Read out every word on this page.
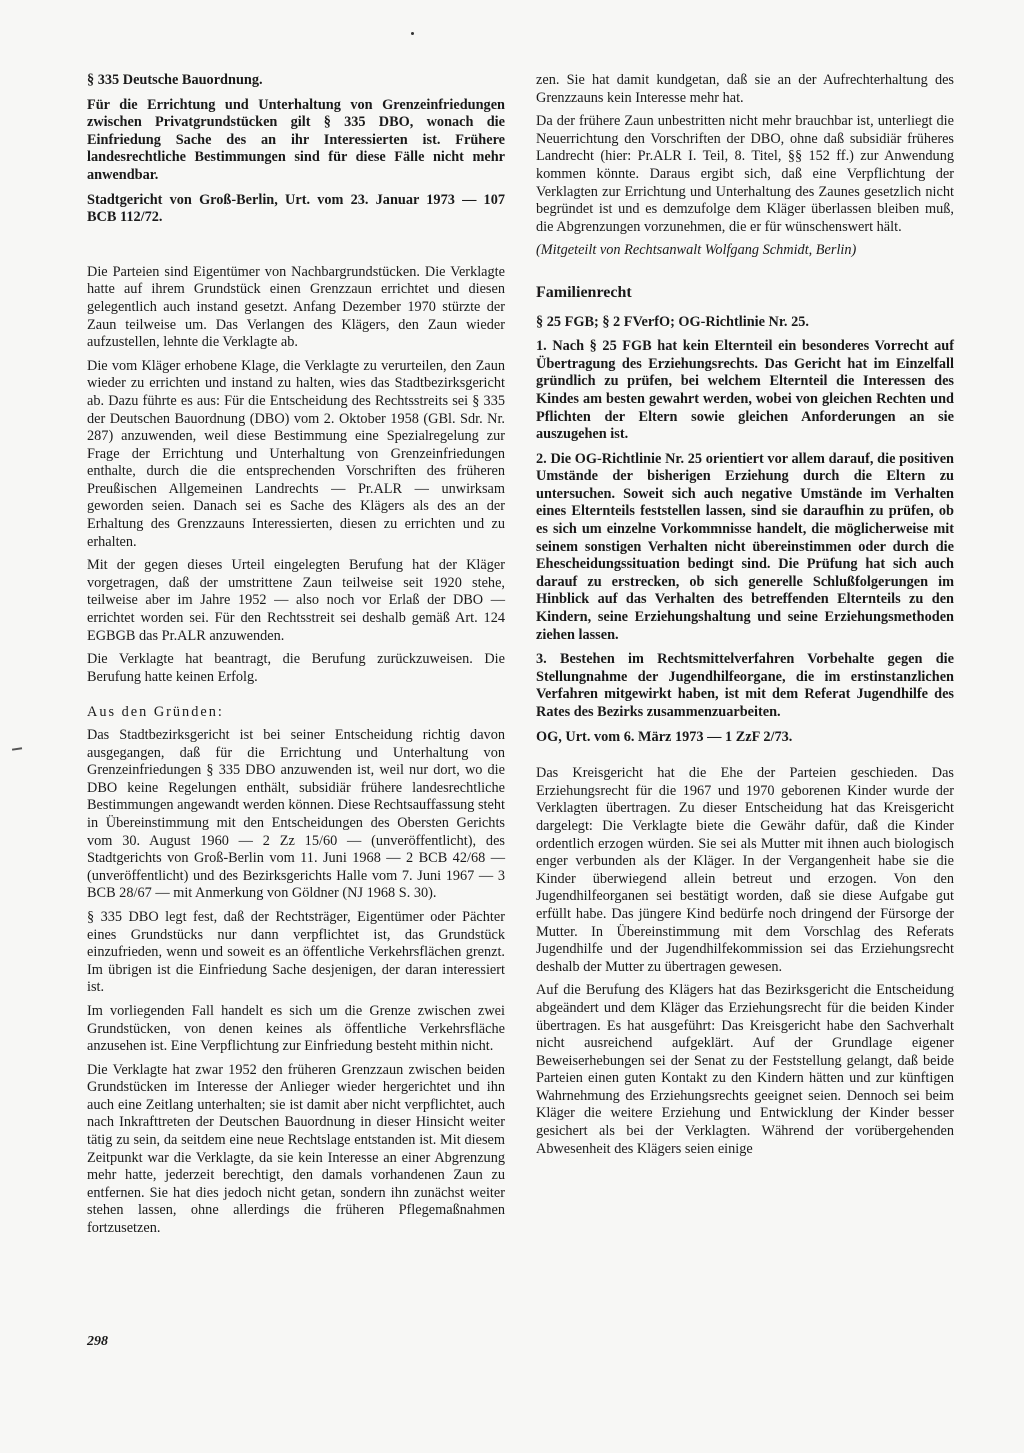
§ 335 Deutsche Bauordnung.

Für die Errichtung und Unterhaltung von Grenzeinfriedungen zwischen Privatgrundstücken gilt § 335 DBO, wonach die Einfriedung Sache des an ihr Interessierten ist. Frühere landesrechtliche Bestimmungen sind für diese Fälle nicht mehr anwendbar.

Stadtgericht von Groß-Berlin, Urt. vom 23. Januar 1973 — 107 BCB 112/72.

Die Parteien sind Eigentümer von Nachbargrundstücken. Die Verklagte hatte auf ihrem Grundstück einen Grenzzaun errichtet und diesen gelegentlich auch instand gesetzt. Anfang Dezember 1970 stürzte der Zaun teilweise um. Das Verlangen des Klägers, den Zaun wieder aufzustellen, lehnte die Verklagte ab.

Die vom Kläger erhobene Klage, die Verklagte zu verurteilen, den Zaun wieder zu errichten und instand zu halten, wies das Stadtbezirksgericht ab. Dazu führte es aus: Für die Entscheidung des Rechtsstreits sei § 335 der Deutschen Bauordnung (DBO) vom 2. Oktober 1958 (GBl. Sdr. Nr. 287) anzuwenden, weil diese Bestimmung eine Spezialregelung zur Frage der Errichtung und Unterhaltung von Grenzeinfriedungen enthalte, durch die die entsprechenden Vorschriften des früheren Preußischen Allgemeinen Landrechts — Pr.ALR — unwirksam geworden seien. Danach sei es Sache des Klägers als des an der Erhaltung des Grenzzauns Interessierten, diesen zu errichten und zu erhalten.

Mit der gegen dieses Urteil eingelegten Berufung hat der Kläger vorgetragen, daß der umstrittene Zaun teilweise seit 1920 stehe, teilweise aber im Jahre 1952 — also noch vor Erlaß der DBO — errichtet worden sei. Für den Rechtsstreit sei deshalb gemäß Art. 124 EGBGB das Pr.ALR anzuwenden.

Die Verklagte hat beantragt, die Berufung zurückzuweisen. Die Berufung hatte keinen Erfolg.

Aus den Gründen:

Das Stadtbezirksgericht ist bei seiner Entscheidung richtig davon ausgegangen, daß für die Errichtung und Unterhaltung von Grenzeinfriedungen § 335 DBO anzuwenden ist, weil nur dort, wo die DBO keine Regelungen enthält, subsidiär frühere landesrechtliche Bestimmungen angewandt werden können. Diese Rechtsauffassung steht in Übereinstimmung mit den Entscheidungen des Obersten Gerichts vom 30. August 1960 — 2 Zz 15/60 — (unveröffentlicht), des Stadtgerichts von Groß-Berlin vom 11. Juni 1968 — 2 BCB 42/68 — (unveröffentlicht) und des Bezirksgerichts Halle vom 7. Juni 1967 — 3 BCB 28/67 — mit Anmerkung von Göldner (NJ 1968 S. 30).

§ 335 DBO legt fest, daß der Rechtsträger, Eigentümer oder Pächter eines Grundstücks nur dann verpflichtet ist, das Grundstück einzufrieden, wenn und soweit es an öffentliche Verkehrsflächen grenzt. Im übrigen ist die Einfriedung Sache desjenigen, der daran interessiert ist.

Im vorliegenden Fall handelt es sich um die Grenze zwischen zwei Grundstücken, von denen keines als öffentliche Verkehrsfläche anzusehen ist. Eine Verpflichtung zur Einfriedung besteht mithin nicht.

Die Verklagte hat zwar 1952 den früheren Grenzzaun zwischen beiden Grundstücken im Interesse der Anlieger wieder hergerichtet und ihn auch eine Zeitlang unterhalten; sie ist damit aber nicht verpflichtet, auch nach Inkrafttreten der Deutschen Bauordnung in dieser Hinsicht weiter tätig zu sein, da seitdem eine neue Rechtslage entstanden ist. Mit diesem Zeitpunkt war die Verklagte, da sie kein Interesse an einer Abgrenzung mehr hatte, jederzeit berechtigt, den damals vorhandenen Zaun zu entfernen. Sie hat dies jedoch nicht getan, sondern ihn zunächst weiter stehen lassen, ohne allerdings die früheren Pflegemaßnahmen fortzusetzen.

zen. Sie hat damit kundgetan, daß sie an der Aufrechterhaltung des Grenzzauns kein Interesse mehr hat.

Da der frühere Zaun unbestritten nicht mehr brauchbar ist, unterliegt die Neuerrichtung den Vorschriften der DBO, ohne daß subsidiär früheres Landrecht (hier: Pr.ALR I. Teil, 8. Titel, §§ 152 ff.) zur Anwendung kommen könnte. Daraus ergibt sich, daß eine Verpflichtung der Verklagten zur Errichtung und Unterhaltung des Zaunes gesetzlich nicht begründet ist und es demzufolge dem Kläger überlassen bleiben muß, die Abgrenzungen vorzunehmen, die er für wünschenswert hält.

(Mitgeteilt von Rechtsanwalt Wolfgang Schmidt, Berlin)

Familienrecht

§ 25 FGB; § 2 FVerfO; OG-Richtlinie Nr. 25.

1. Nach § 25 FGB hat kein Elternteil ein besonderes Vorrecht auf Übertragung des Erziehungsrechts. Das Gericht hat im Einzelfall gründlich zu prüfen, bei welchem Elternteil die Interessen des Kindes am besten gewahrt werden, wobei von gleichen Rechten und Pflichten der Eltern sowie gleichen Anforderungen an sie auszugehen ist.

2. Die OG-Richtlinie Nr. 25 orientiert vor allem darauf, die positiven Umstände der bisherigen Erziehung durch die Eltern zu untersuchen. Soweit sich auch negative Umstände im Verhalten eines Elternteils feststellen lassen, sind sie daraufhin zu prüfen, ob es sich um einzelne Vorkommnisse handelt, die möglicherweise mit seinem sonstigen Verhalten nicht übereinstimmen oder durch die Ehescheidungssituation bedingt sind. Die Prüfung hat sich auch darauf zu erstrecken, ob sich generelle Schlußfolgerungen im Hinblick auf das Verhalten des betreffenden Elternteils zu den Kindern, seine Erziehungshaltung und seine Erziehungsmethoden ziehen lassen.

3. Bestehen im Rechtsmittelverfahren Vorbehalte gegen die Stellungnahme der Jugendhilfeorgane, die im erstinstanzlichen Verfahren mitgewirkt haben, ist mit dem Referat Jugendhilfe des Rates des Bezirks zusammenzuarbeiten.

OG, Urt. vom 6. März 1973 — 1 ZzF 2/73.

Das Kreisgericht hat die Ehe der Parteien geschieden. Das Erziehungsrecht für die 1967 und 1970 geborenen Kinder wurde der Verklagten übertragen. Zu dieser Entscheidung hat das Kreisgericht dargelegt: Die Verklagte biete die Gewähr dafür, daß die Kinder ordentlich erzogen würden. Sie sei als Mutter mit ihnen auch biologisch enger verbunden als der Kläger. In der Vergangenheit habe sie die Kinder überwiegend allein betreut und erzogen. Von den Jugendhilfeorganen sei bestätigt worden, daß sie diese Aufgabe gut erfüllt habe. Das jüngere Kind bedürfe noch dringend der Fürsorge der Mutter. In Übereinstimmung mit dem Vorschlag des Referats Jugendhilfe und der Jugendhilfekommission sei das Erziehungsrecht deshalb der Mutter zu übertragen gewesen.

Auf die Berufung des Klägers hat das Bezirksgericht die Entscheidung abgeändert und dem Kläger das Erziehungsrecht für die beiden Kinder übertragen. Es hat ausgeführt: Das Kreisgericht habe den Sachverhalt nicht ausreichend aufgeklärt. Auf der Grundlage eigener Beweiserhebungen sei der Senat zu der Feststellung gelangt, daß beide Parteien einen guten Kontakt zu den Kindern hätten und zur künftigen Wahrnehmung des Erziehungsrechts geeignet seien. Dennoch sei beim Kläger die weitere Erziehung und Entwicklung der Kinder besser gesichert als bei der Verklagten. Während der vorübergehenden Abwesenheit des Klägers seien einige

298
